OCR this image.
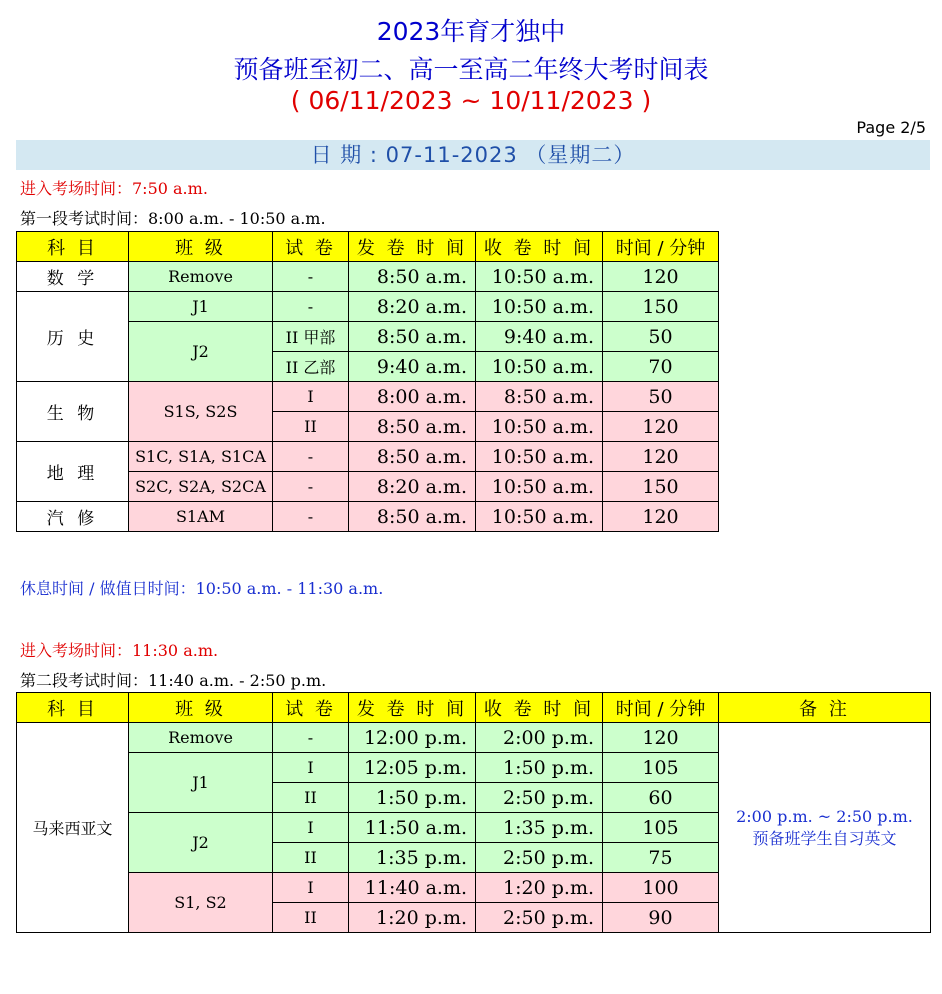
2023年育才独中
预备班至初二、高一至高二年终大考时间表
( 06/11/2023 ~ 10/11/2023 )
Page 2/5
日 期 : 07-11-2023 （星期二）
进入考场时间：7:50 a.m.
第一段考试时间：8:00 a.m. - 10:50 a.m.
科 目	班 级	试 卷	发 卷 时 间	收 卷 时 间	时间 / 分钟
数 学	Remove	-	8:50 a.m.	10:50 a.m.	120
历 史	J1	-	8:20 a.m.	10:50 a.m.	150
	J2	II 甲部	8:50 a.m.	9:40 a.m.	50
		II 乙部	9:40 a.m.	10:50 a.m.	70
生 物	S1S, S2S	I	8:00 a.m.	8:50 a.m.	50
		II	8:50 a.m.	10:50 a.m.	120
地 理	S1C, S1A, S1CA	-	8:50 a.m.	10:50 a.m.	120
	S2C, S2A, S2CA	-	8:20 a.m.	10:50 a.m.	150
汽 修	S1AM	-	8:50 a.m.	10:50 a.m.	120
休息时间 / 做值日时间：10:50 a.m. - 11:30 a.m.
进入考场时间：11:30 a.m.
第二段考试时间：11:40 a.m. - 2:50 p.m.
科 目	班 级	试 卷	发 卷 时 间	收 卷 时 间	时间 / 分钟	备 注
马来西亚文	Remove	-	12:00 p.m.	2:00 p.m.	120	2:00 p.m. ~ 2:50 p.m.
预备班学生自习英文

	J1	I	12:05 p.m.	1:50 p.m.	105	
		II	1:50 p.m.	2:50 p.m.	60	
	J2	I	11:50 a.m.	1:35 p.m.	105	
		II	1:35 p.m.	2:50 p.m.	75	
	S1, S2	I	11:40 a.m.	1:20 p.m.	100	
		II	1:20 p.m.	2:50 p.m.	90	
